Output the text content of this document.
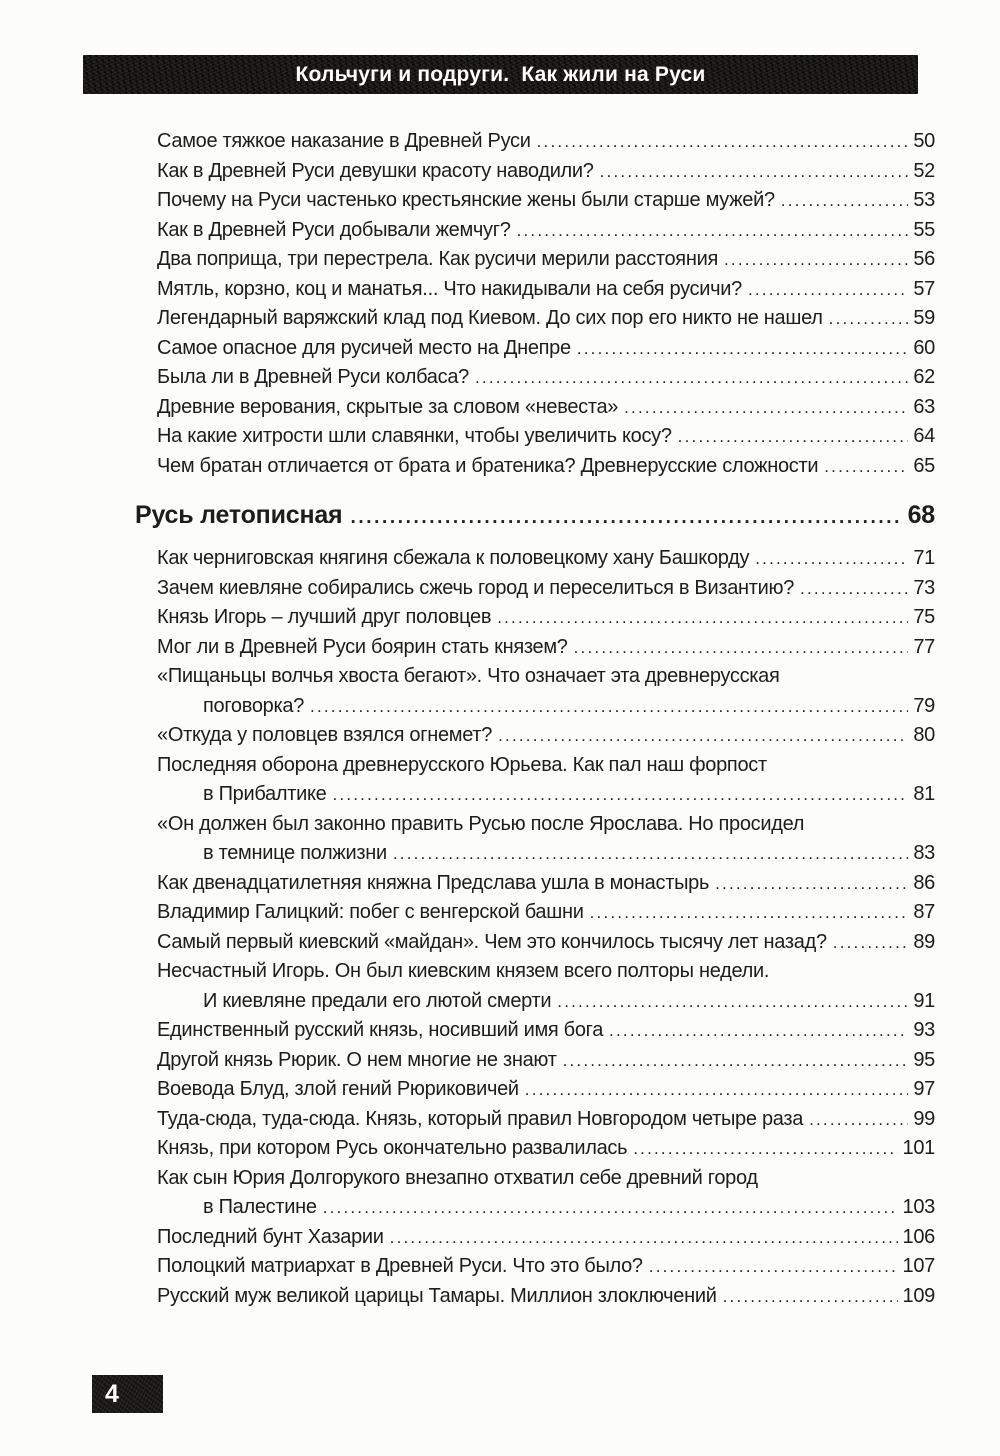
Кольчуги и подруги.  Как жили на Руси
Самое тяжкое наказание в Древней Руси .....	50
Как в Древней Руси девушки красоту наводили? .....	52
Почему на Руси частенько крестьянские жены были старше мужей? .....	53
Как в Древней Руси добывали жемчуг? .....	55
Два поприща, три перестрела. Как русичи мерили расстояния .....	56
Мятль, корзно, коц и манатья... Что накидывали на себя русичи? .....	57
Легендарный варяжский клад под Киевом. До сих пор его никто не нашел .....	59
Самое опасное для русичей место на Днепре .....	60
Была ли в Древней Руси колбаса? .....	62
Древние верования, скрытые за словом «невеста» .....	63
На какие хитрости шли славянки, чтобы увеличить косу? .....	64
Чем братан отличается от брата и братеника? Древнерусские сложности .....	65
Русь летописная .....	68
Как черниговская княгиня сбежала к половецкому хану Башкорду .....	71
Зачем киевляне собирались сжечь город и переселиться в Византию? .....	73
Князь Игорь – лучший друг половцев .....	75
Мог ли в Древней Руси боярин стать князем? .....	77
«Пищаньцы волчья хвоста бегают». Что означает эта древнерусская
поговорка? .....	79
«Откуда у половцев взялся огнемет? .....	80
Последняя оборона древнерусского Юрьева. Как пал наш форпост
в Прибалтике .....	81
«Он должен был законно править Русью после Ярослава. Но просидел
в темнице полжизни .....	83
Как двенадцатилетняя княжна Предслава ушла в монастырь .....	86
Владимир Галицкий: побег с венгерской башни .....	87
Самый первый киевский «майдан». Чем это кончилось тысячу лет назад? .....	89
Несчастный Игорь. Он был киевским князем всего полторы недели.
И киевляне предали его лютой смерти .....	91
Единственный русский князь, носивший имя бога .....	93
Другой князь Рюрик. О нем многие не знают .....	95
Воевода Блуд, злой гений Рюриковичей .....	97
Туда-сюда, туда-сюда. Князь, который правил Новгородом четыре раза .....	99
Князь, при котором Русь окончательно развалилась .....	101
Как сын Юрия Долгорукого внезапно отхватил себе древний город
в Палестине .....	103
Последний бунт Хазарии .....	106
Полоцкий матриархат в Древней Руси. Что это было? .....	107
Русский муж великой царицы Тамары. Миллион злоключений .....	109
4
